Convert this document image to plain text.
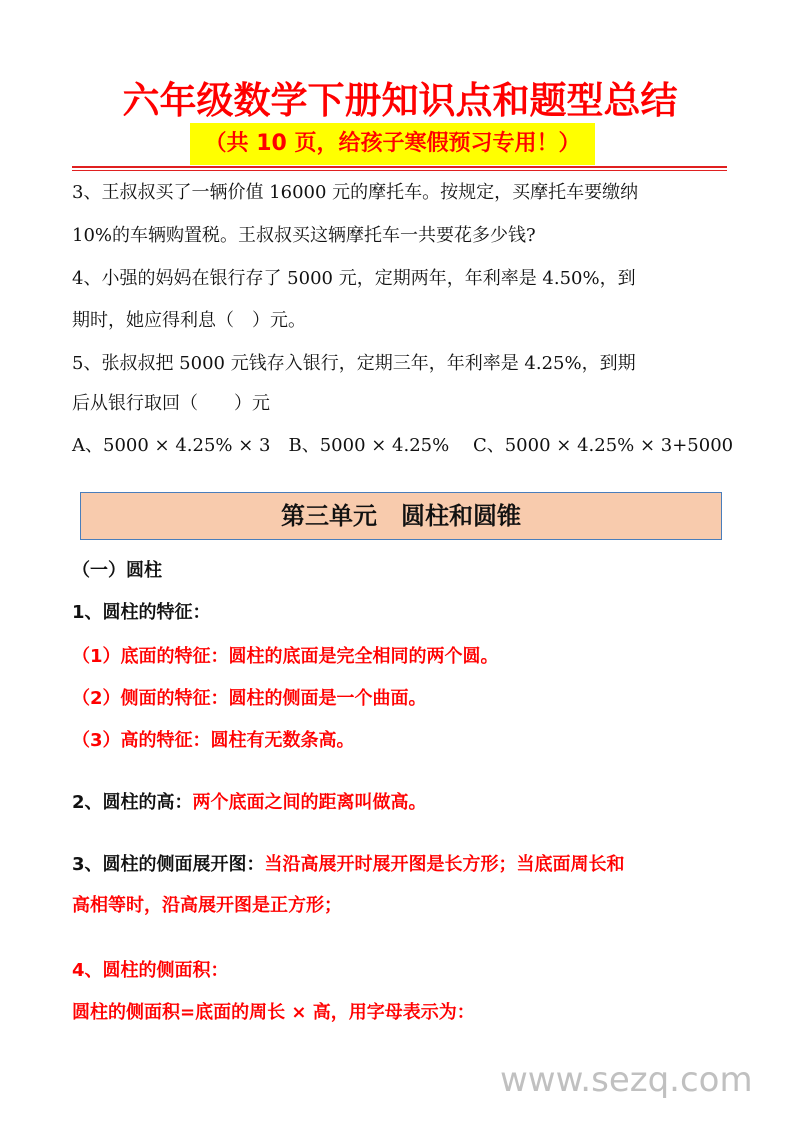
六年级数学下册知识点和题型总结
（共 10 页，给孩子寒假预习专用！）
3、王叔叔买了一辆价值 16000 元的摩托车。按规定，买摩托车要缴纳
10%的车辆购置税。王叔叔买这辆摩托车一共要花多少钱?
4、小强的妈妈在银行存了 5000 元，定期两年，年利率是 4.50%，到
期时，她应得利息（　）元。
5、张叔叔把 5000 元钱存入银行，定期三年，年利率是 4.25%，到期
后从银行取回（　　）元
A、5000 × 4.25% × 3　B、5000 × 4.25%　 C、5000 × 4.25% × 3+5000
第三单元　圆柱和圆锥
（一）圆柱
1、圆柱的特征：
（1）底面的特征：圆柱的底面是完全相同的两个圆。
（2）侧面的特征：圆柱的侧面是一个曲面。
（3）高的特征：圆柱有无数条高。
2、圆柱的高：两个底面之间的距离叫做高。
3、圆柱的侧面展开图：当沿高展开时展开图是长方形；当底面周长和
高相等时，沿高展开图是正方形；
4、圆柱的侧面积：
圆柱的侧面积=底面的周长 × 高，用字母表示为：
www.sezq.com
